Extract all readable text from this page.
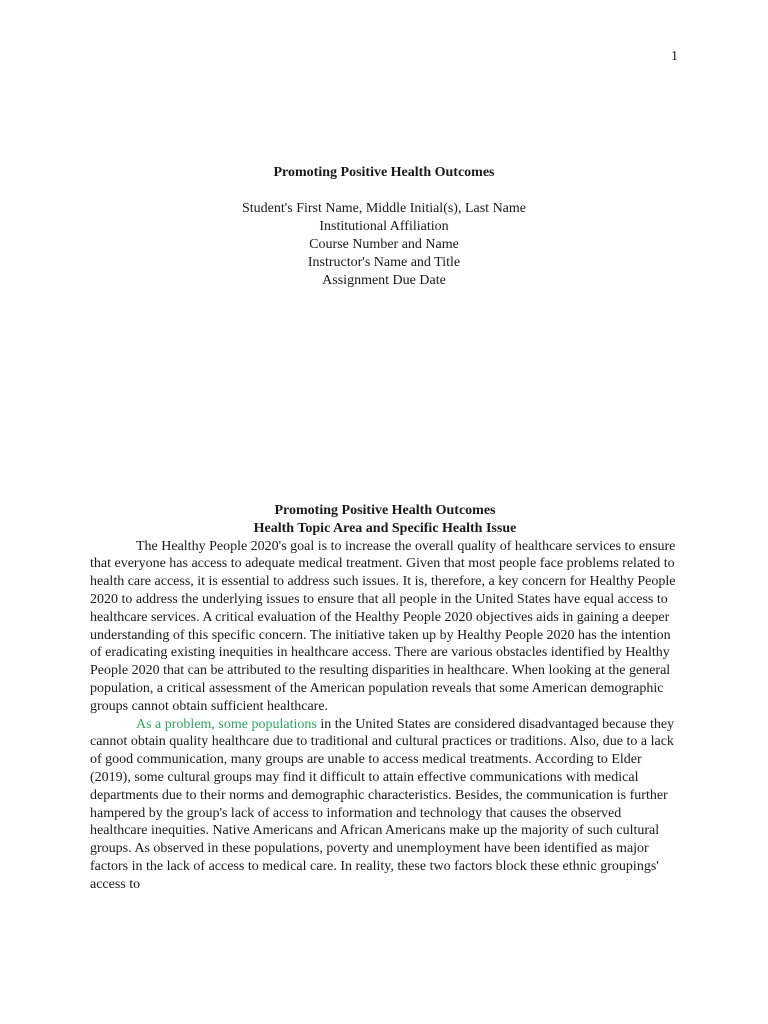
1

Promoting Positive Health Outcomes

Student's First Name, Middle Initial(s), Last Name
Institutional Affiliation
Course Number and Name
Instructor's Name and Title
Assignment Due Date

Promoting Positive Health Outcomes

Health Topic Area and Specific Health Issue

The Healthy People 2020's goal is to increase the overall quality of healthcare services to ensure that everyone has access to adequate medical treatment. Given that most people face problems related to health care access, it is essential to address such issues. It is, therefore, a key concern for Healthy People 2020 to address the underlying issues to ensure that all people in the United States have equal access to healthcare services. A critical evaluation of the Healthy People 2020 objectives aids in gaining a deeper understanding of this specific concern. The initiative taken up by Healthy People 2020 has the intention of eradicating existing inequities in healthcare access. There are various obstacles identified by Healthy People 2020 that can be attributed to the resulting disparities in healthcare. When looking at the general population, a critical assessment of the American population reveals that some American demographic groups cannot obtain sufficient healthcare.

As a problem, some populations in the United States are considered disadvantaged because they cannot obtain quality healthcare due to traditional and cultural practices or traditions. Also, due to a lack of good communication, many groups are unable to access medical treatments. According to Elder (2019), some cultural groups may find it difficult to attain effective communications with medical departments due to their norms and demographic characteristics. Besides, the communication is further hampered by the group's lack of access to information and technology that causes the observed healthcare inequities. Native Americans and African Americans make up the majority of such cultural groups. As observed in these populations, poverty and unemployment have been identified as major factors in the lack of access to medical care. In reality, these two factors block these ethnic groupings' access to
